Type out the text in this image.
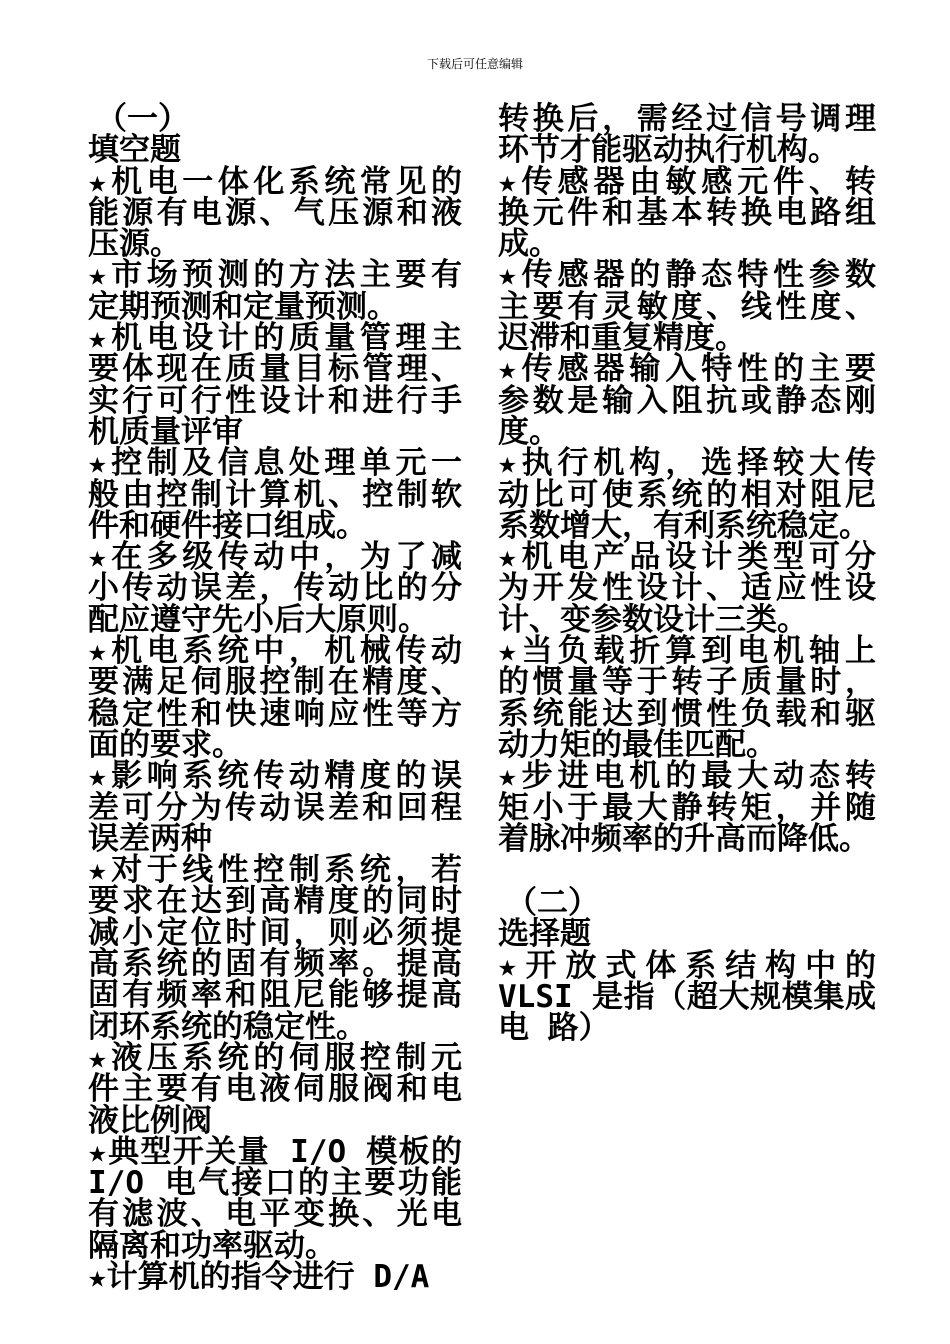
下载后可任意编辑
（一）
填空题
★机电一体化系统常见的
能源有电源、气压源和液
压源。
★市场预测的方法主要有
定期预测和定量预测。
★机电设计的质量管理主
要体现在质量目标管理、
实行可行性设计和进行手
机质量评审
★控制及信息处理单元一
般由控制计算机、控制软
件和硬件接口组成。
★在多级传动中，为了减
小传动误差，传动比的分
配应遵守先小后大原则。
★机电系统中，机械传动
要满足伺服控制在精度、
稳定性和快速响应性等方
面的要求。
★影响系统传动精度的误
差可分为传动误差和回程
误差两种
★对于线性控制系统，若
要求在达到高精度的同时
减小定位时间，则必须提
高系统的固有频率。提高
固有频率和阻尼能够提高
闭环系统的稳定性。
★液压系统的伺服控制元
件主要有电液伺服阀和电
液比例阀
★典型开关量 I/O 模板的
I/O 电气接口的主要功能
有滤波、电平变换、光电
隔离和功率驱动。
★计算机的指令进行 D/A
转换后，需经过信号调理
环节才能驱动执行机构。
★传感器由敏感元件、转
换元件和基本转换电路组
成。
★传感器的静态特性参数
主要有灵敏度、线性度、
迟滞和重复精度。
★传感器输入特性的主要
参数是输入阻抗或静态刚
度。
★执行机构，选择较大传
动比可使系统的相对阻尼
系数增大，有利系统稳定。
★机电产品设计类型可分
为开发性设计、适应性设
计、变参数设计三类。
★当负载折算到电机轴上
的惯量等于转子质量时，
系统能达到惯性负载和驱
动力矩的最佳匹配。
★步进电机的最大动态转
矩小于最大静转矩，并随
着脉冲频率的升高而降低。
（二）
选择题
★开放式体系结构中的
VLSI 是指（超大规模集成
电 路）
